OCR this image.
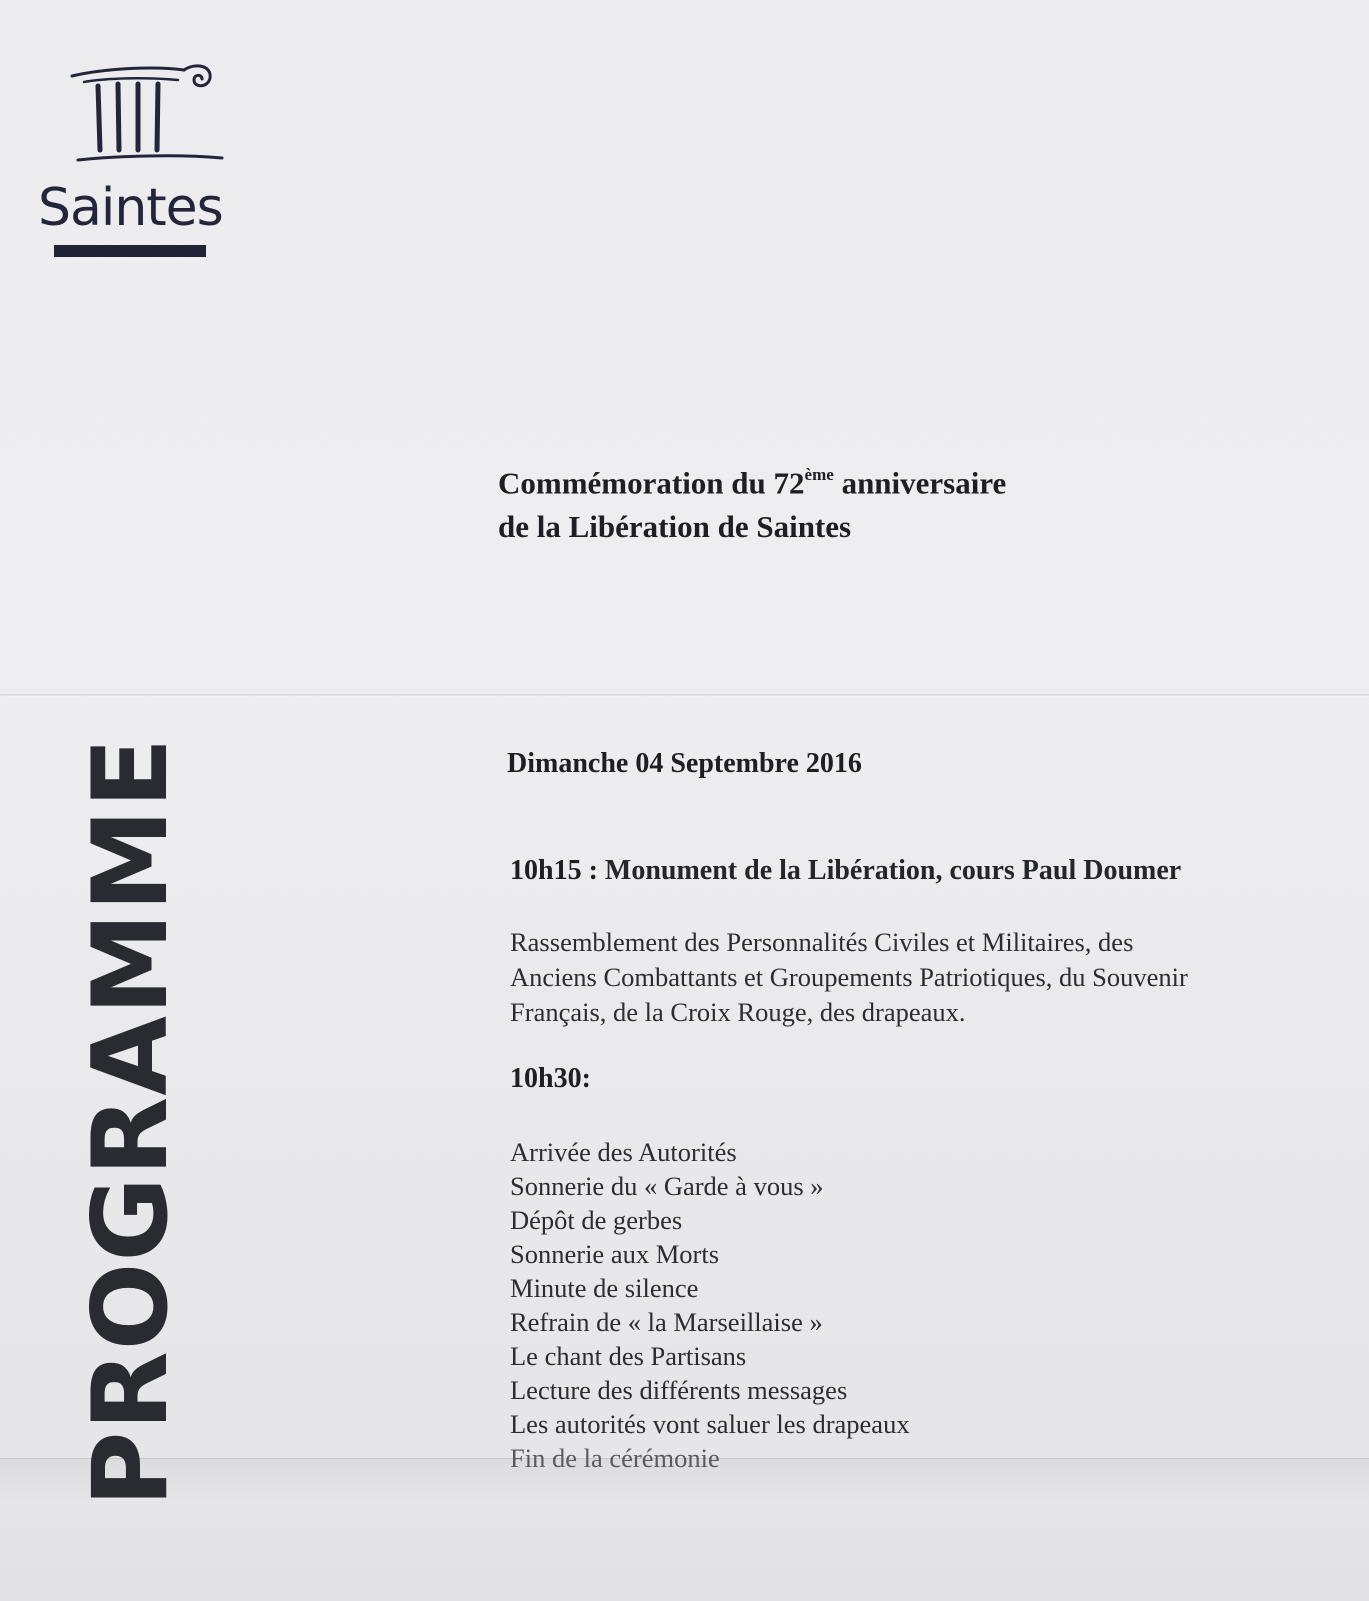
Saintes
PROGRAMME
Commémoration du 72ème anniversaire
de la Libération de Saintes
Dimanche 04 Septembre 2016
10h15 : Monument de la Libération, cours Paul Doumer
Rassemblement des Personnalités Civiles et Militaires, des
Anciens Combattants et Groupements Patriotiques, du Souvenir
Français, de la Croix Rouge, des drapeaux.
10h30:
Arrivée des Autorités
Sonnerie du « Garde à vous »
Dépôt de gerbes
Sonnerie aux Morts
Minute de silence
Refrain de « la Marseillaise »
Le chant des Partisans
Lecture des différents messages
Les autorités vont saluer les drapeaux
Fin de la cérémonie
